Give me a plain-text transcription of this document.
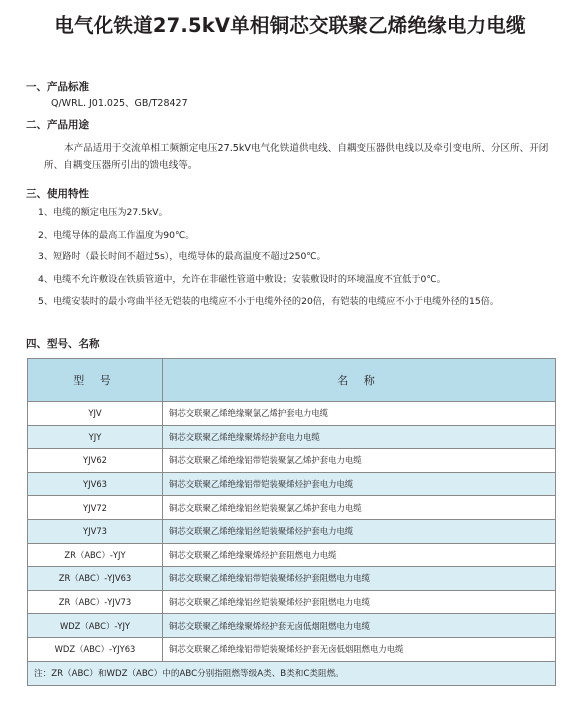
电气化铁道27.5kV单相铜芯交联聚乙烯绝缘电力电缆
一、产品标准
Q/WRL. J01.025、GB/T28427
二、产品用途
本产品适用于交流单相工频额定电压27.5kV电气化铁道供电线、自耦变压器供电线以及牵引变电所、分区所、开闭所、自耦变压器所引出的馈电线等。
三、使用特性
1、电缆的额定电压为27.5kV。
2、电缆导体的最高工作温度为90℃。
3、短路时（最长时间不超过5s），电缆导体的最高温度不超过250℃。
4、电缆不允许敷设在铁质管道中，允许在非磁性管道中敷设；安装敷设时的环境温度不宜低于0℃。
5、电缆安装时的最小弯曲半径无铠装的电缆应不小于电缆外径的20倍，有铠装的电缆应不小于电缆外径的15倍。
四、型号、名称
型 号	名 称
YJV	铜芯交联聚乙烯绝缘聚氯乙烯护套电力电缆
YJY	铜芯交联聚乙烯绝缘聚烯烃护套电力电缆
YJV62	铜芯交联聚乙烯绝缘铝带铠装聚氯乙烯护套电力电缆
YJV63	铜芯交联聚乙烯绝缘铝带铠装聚烯烃护套电力电缆
YJV72	铜芯交联聚乙烯绝缘铝丝铠装聚氯乙烯护套电力电缆
YJV73	铜芯交联聚乙烯绝缘铝丝铠装聚烯烃护套电力电缆
ZR（ABC）-YJY	铜芯交联聚乙烯绝缘聚烯烃护套阻燃电力电缆
ZR（ABC）-YJV63	铜芯交联聚乙烯绝缘铝带铠装聚烯烃护套阻燃电力电缆
ZR（ABC）-YJV73	铜芯交联聚乙烯绝缘铝丝铠装聚烯烃护套阻燃电力电缆
WDZ（ABC）-YJY	铜芯交联聚乙烯绝缘聚烯烃护套无卤低烟阻燃电力电缆
WDZ（ABC）-YJY63	铜芯交联聚乙烯绝缘铝带铠装聚烯烃护套无卤低烟阻燃电力电缆
注：ZR（ABC）和WDZ（ABC）中的ABC分别指阻燃等级A类、B类和C类阻燃。	
